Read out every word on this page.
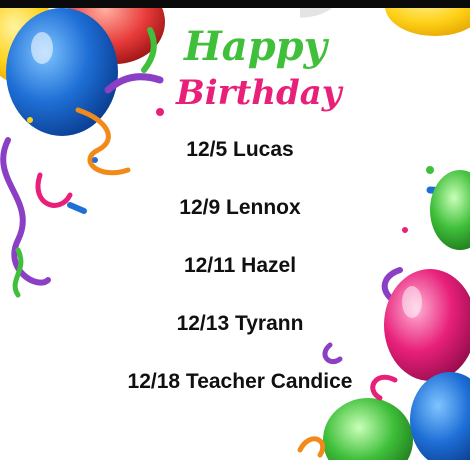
Happy
Birthday
12/5 Lucas
12/9 Lennox
12/11 Hazel
12/13 Tyrann
12/18 Teacher Candice
